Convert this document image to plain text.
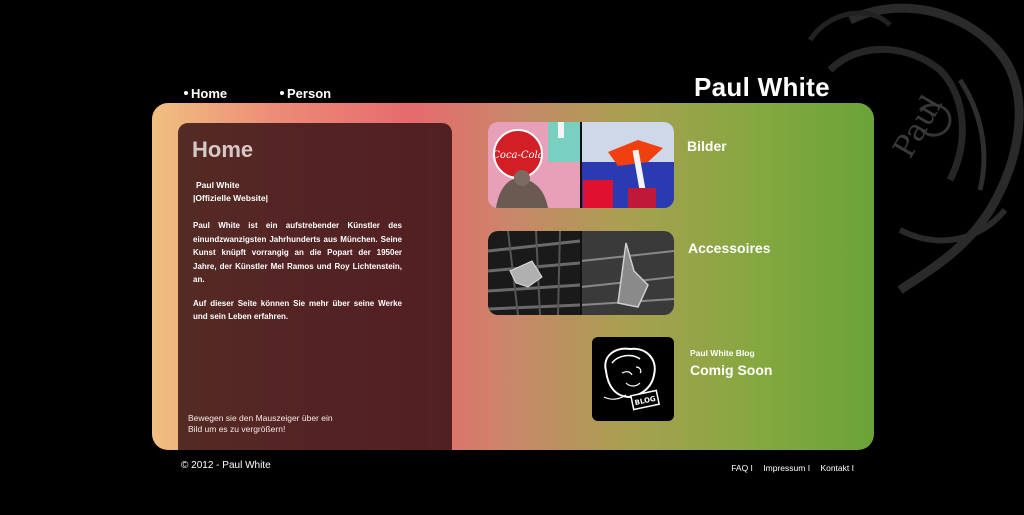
Paul
Home	Person	Paul White
Home
Paul White
|Offizielle Website|

Paul White ist ein aufstrebender Künstler des einundzwanzigsten Jahrhunderts aus München. Seine Kunst knüpft vorrangig an die Popart der 1950er Jahre, der Künstler Mel Ramos und Roy Lichtenstein, an.

Auf dieser Seite können Sie mehr über seine Werke und sein Leben erfahren.

Bewegen sie den Mauszeiger über ein
Bild um es zu vergrößern!
Coca-Cola
Bilder
Accessoires
BLOG
Paul White Blog
Comig Soon
© 2012 - Paul White	FAQ I Impressum I Kontakt I
